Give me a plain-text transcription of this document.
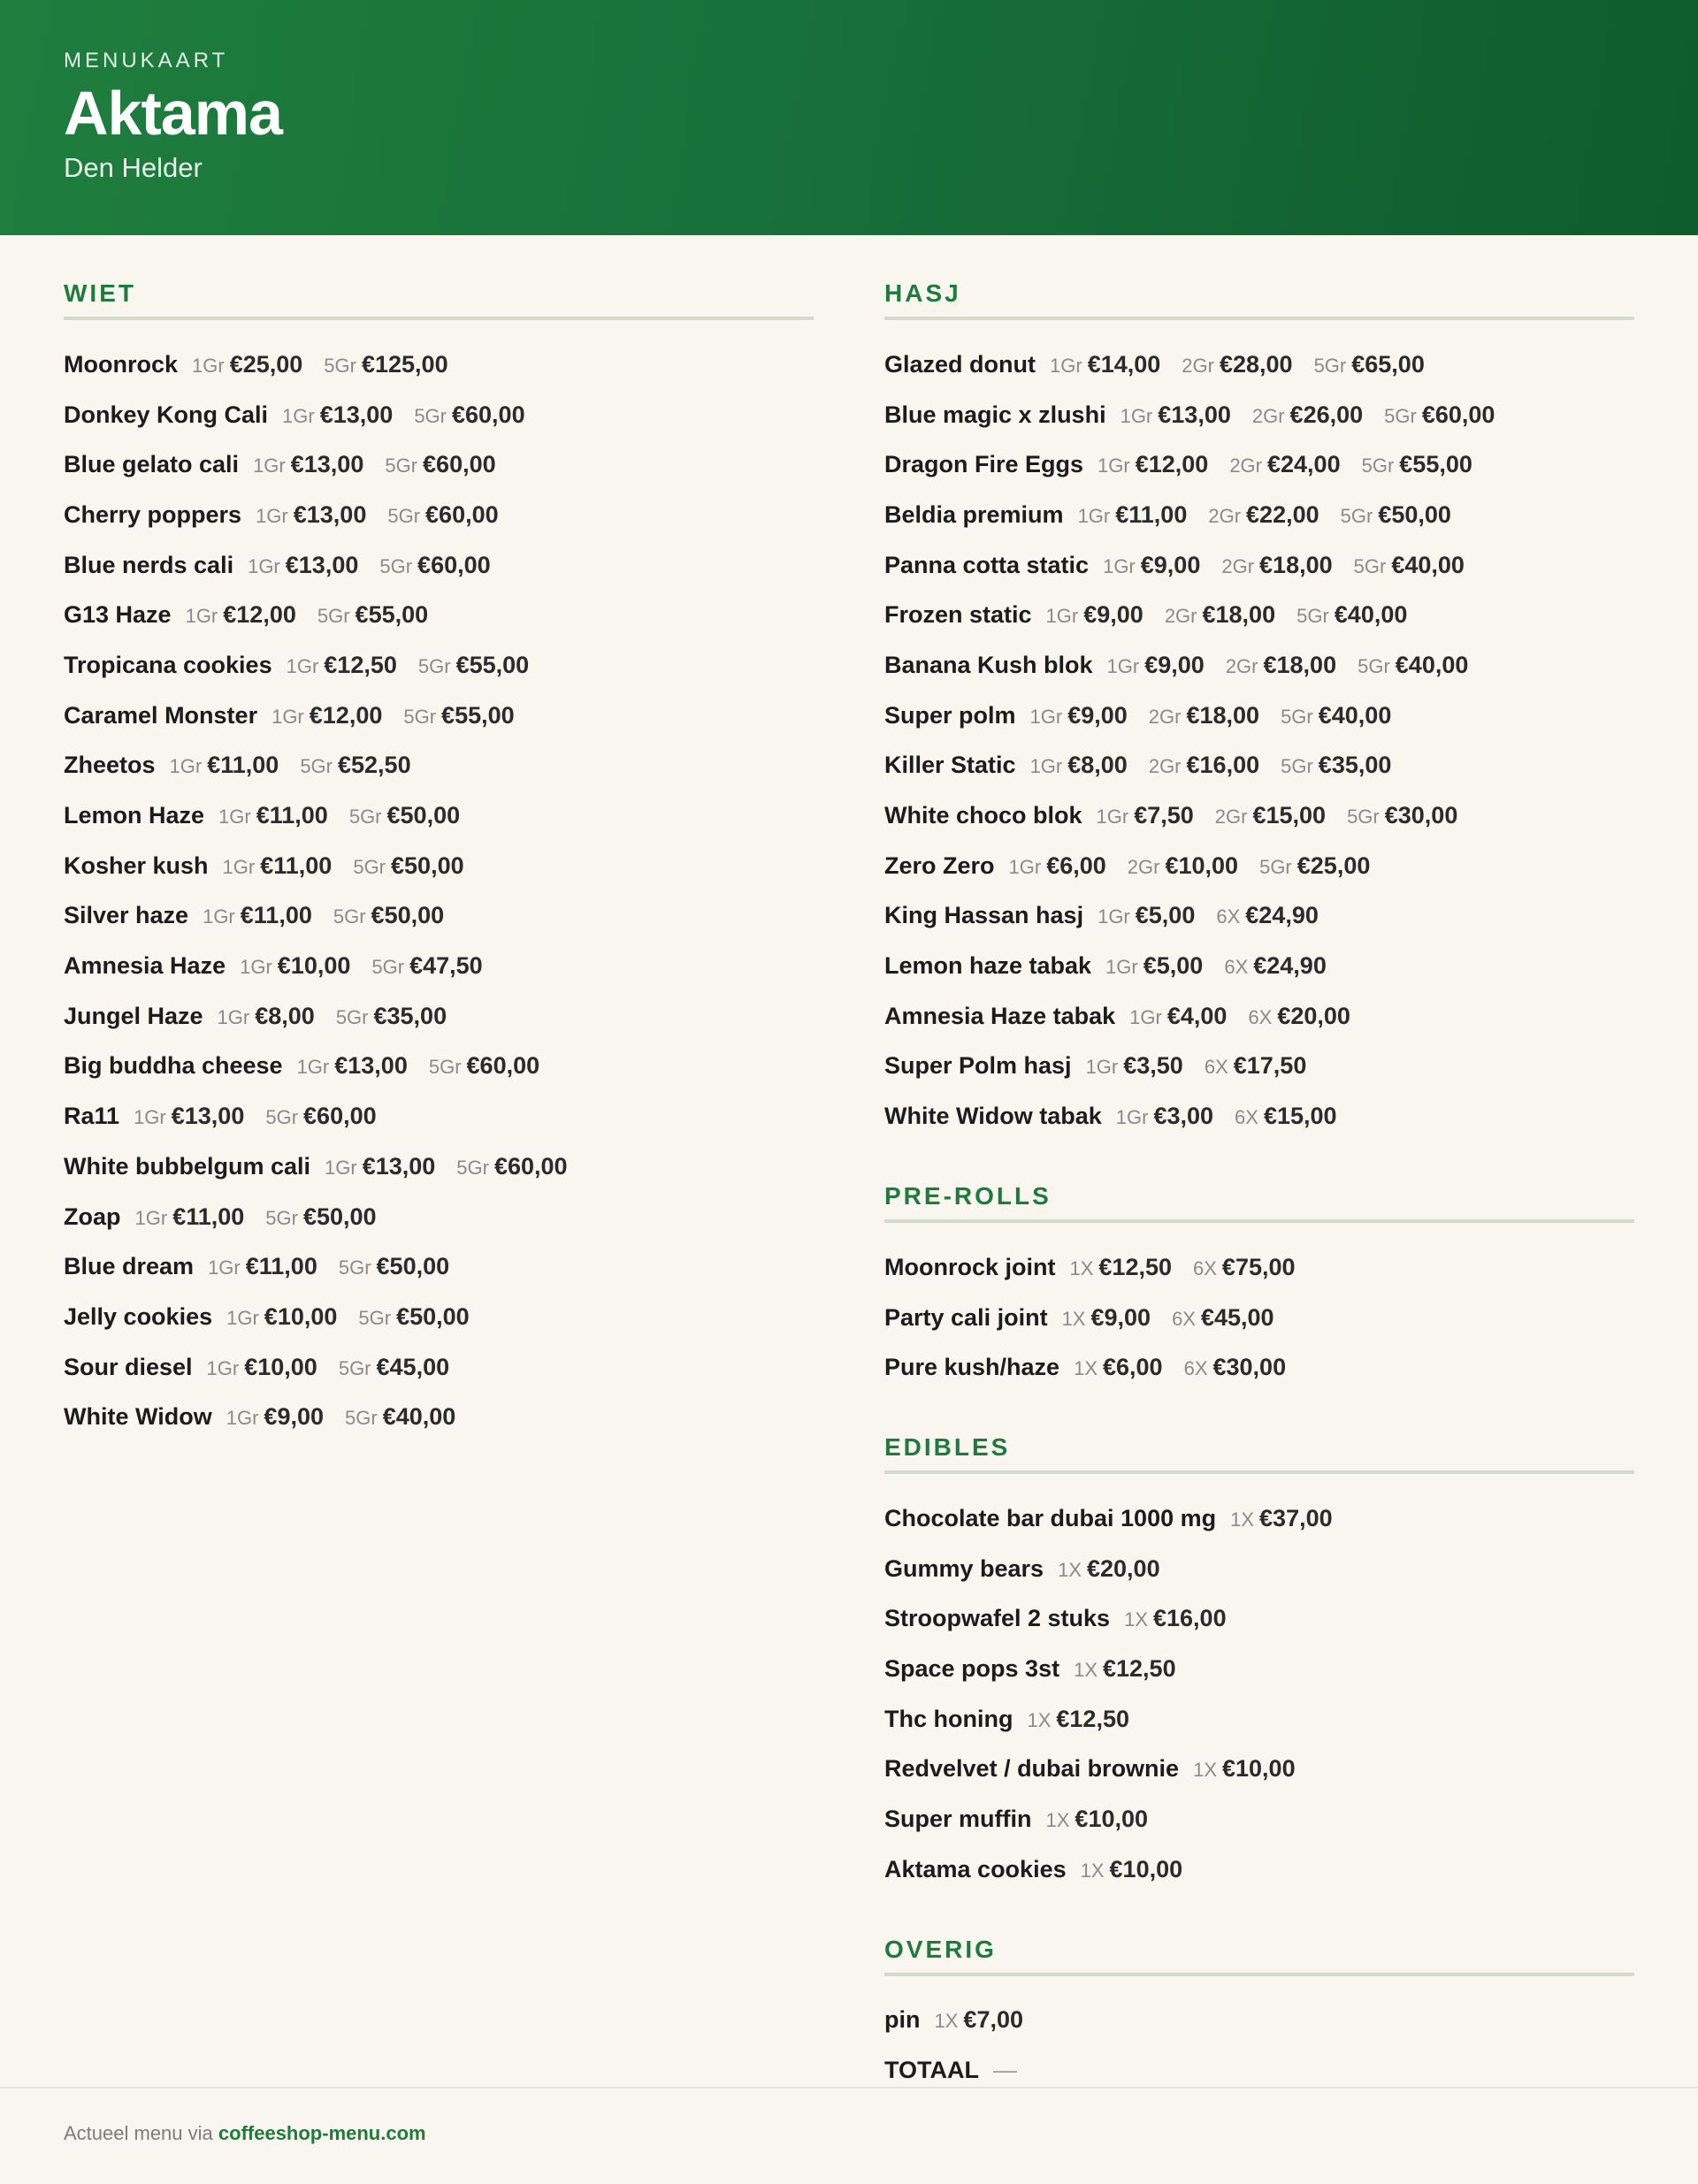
MENUKAART
Aktama
Den Helder
WIET
Moonrock 1Gr €25,00 5Gr €125,00
Donkey Kong Cali 1Gr €13,00 5Gr €60,00
Blue gelato cali 1Gr €13,00 5Gr €60,00
Cherry poppers 1Gr €13,00 5Gr €60,00
Blue nerds cali 1Gr €13,00 5Gr €60,00
G13 Haze 1Gr €12,00 5Gr €55,00
Tropicana cookies 1Gr €12,50 5Gr €55,00
Caramel Monster 1Gr €12,00 5Gr €55,00
Zheetos 1Gr €11,00 5Gr €52,50
Lemon Haze 1Gr €11,00 5Gr €50,00
Kosher kush 1Gr €11,00 5Gr €50,00
Silver haze 1Gr €11,00 5Gr €50,00
Amnesia Haze 1Gr €10,00 5Gr €47,50
Jungel Haze 1Gr €8,00 5Gr €35,00
Big buddha cheese 1Gr €13,00 5Gr €60,00
Ra11 1Gr €13,00 5Gr €60,00
White bubbelgum cali 1Gr €13,00 5Gr €60,00
Zoap 1Gr €11,00 5Gr €50,00
Blue dream 1Gr €11,00 5Gr €50,00
Jelly cookies 1Gr €10,00 5Gr €50,00
Sour diesel 1Gr €10,00 5Gr €45,00
White Widow 1Gr €9,00 5Gr €40,00
HASJ
Glazed donut 1Gr €14,00 2Gr €28,00 5Gr €65,00
Blue magic x zlushi 1Gr €13,00 2Gr €26,00 5Gr €60,00
Dragon Fire Eggs 1Gr €12,00 2Gr €24,00 5Gr €55,00
Beldia premium 1Gr €11,00 2Gr €22,00 5Gr €50,00
Panna cotta static 1Gr €9,00 2Gr €18,00 5Gr €40,00
Frozen static 1Gr €9,00 2Gr €18,00 5Gr €40,00
Banana Kush blok 1Gr €9,00 2Gr €18,00 5Gr €40,00
Super polm 1Gr €9,00 2Gr €18,00 5Gr €40,00
Killer Static 1Gr €8,00 2Gr €16,00 5Gr €35,00
White choco blok 1Gr €7,50 2Gr €15,00 5Gr €30,00
Zero Zero 1Gr €6,00 2Gr €10,00 5Gr €25,00
King Hassan hasj 1Gr €5,00 6X €24,90
Lemon haze tabak 1Gr €5,00 6X €24,90
Amnesia Haze tabak 1Gr €4,00 6X €20,00
Super Polm hasj 1Gr €3,50 6X €17,50
White Widow tabak 1Gr €3,00 6X €15,00
PRE-ROLLS
Moonrock joint 1X €12,50 6X €75,00
Party cali joint 1X €9,00 6X €45,00
Pure kush/haze 1X €6,00 6X €30,00
EDIBLES
Chocolate bar dubai 1000 mg 1X €37,00
Gummy bears 1X €20,00
Stroopwafel 2 stuks 1X €16,00
Space pops 3st 1X €12,50
Thc honing 1X €12,50
Redvelvet / dubai brownie 1X €10,00
Super muffin 1X €10,00
Aktama cookies 1X €10,00
OVERIG
pin 1X €7,00
TOTAAL —
Actueel menu via coffeeshop-menu.com
